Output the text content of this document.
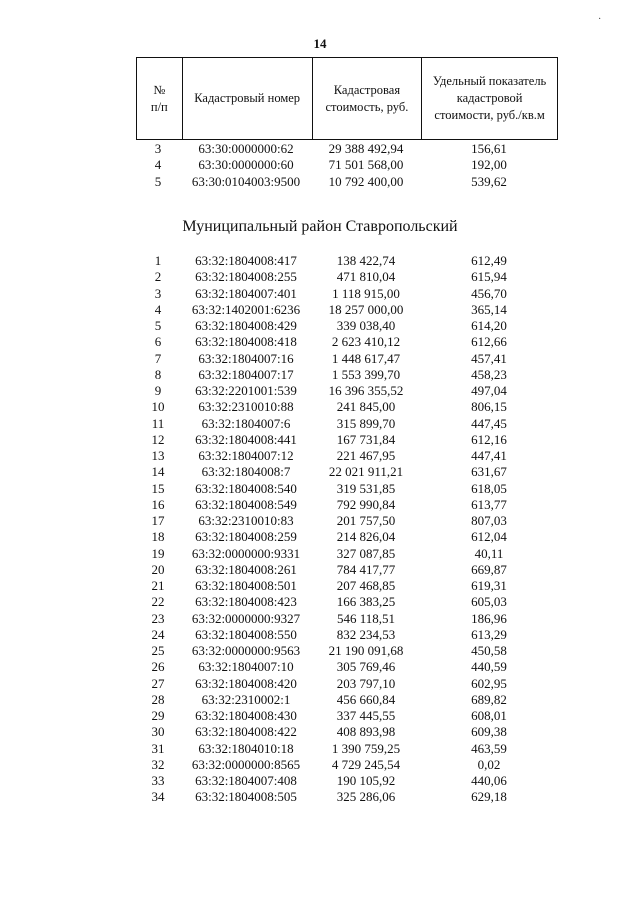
·
14
№
п/п	Кадастровый номер	Кадастровая стоимость, руб.	Удельный показатель кадастровой стоимости, руб./кв.м
3	63:30:0000000:62	29 388 492,94	156,61
4	63:30:0000000:60	71 501 568,00	192,00
5	63:30:0104003:9500	10 792 400,00	539,62
Муниципальный район Ставропольский
1	63:32:1804008:417	138 422,74	612,49
2	63:32:1804008:255	471 810,04	615,94
3	63:32:1804007:401	1 118 915,00	456,70
4	63:32:1402001:6236	18 257 000,00	365,14
5	63:32:1804008:429	339 038,40	614,20
6	63:32:1804008:418	2 623 410,12	612,66
7	63:32:1804007:16	1 448 617,47	457,41
8	63:32:1804007:17	1 553 399,70	458,23
9	63:32:2201001:539	16 396 355,52	497,04
10	63:32:2310010:88	241 845,00	806,15
11	63:32:1804007:6	315 899,70	447,45
12	63:32:1804008:441	167 731,84	612,16
13	63:32:1804007:12	221 467,95	447,41
14	63:32:1804008:7	22 021 911,21	631,67
15	63:32:1804008:540	319 531,85	618,05
16	63:32:1804008:549	792 990,84	613,77
17	63:32:2310010:83	201 757,50	807,03
18	63:32:1804008:259	214 826,04	612,04
19	63:32:0000000:9331	327 087,85	40,11
20	63:32:1804008:261	784 417,77	669,87
21	63:32:1804008:501	207 468,85	619,31
22	63:32:1804008:423	166 383,25	605,03
23	63:32:0000000:9327	546 118,51	186,96
24	63:32:1804008:550	832 234,53	613,29
25	63:32:0000000:9563	21 190 091,68	450,58
26	63:32:1804007:10	305 769,46	440,59
27	63:32:1804008:420	203 797,10	602,95
28	63:32:2310002:1	456 660,84	689,82
29	63:32:1804008:430	337 445,55	608,01
30	63:32:1804008:422	408 893,98	609,38
31	63:32:1804010:18	1 390 759,25	463,59
32	63:32:0000000:8565	4 729 245,54	0,02
33	63:32:1804007:408	190 105,92	440,06
34	63:32:1804008:505	325 286,06	629,18
